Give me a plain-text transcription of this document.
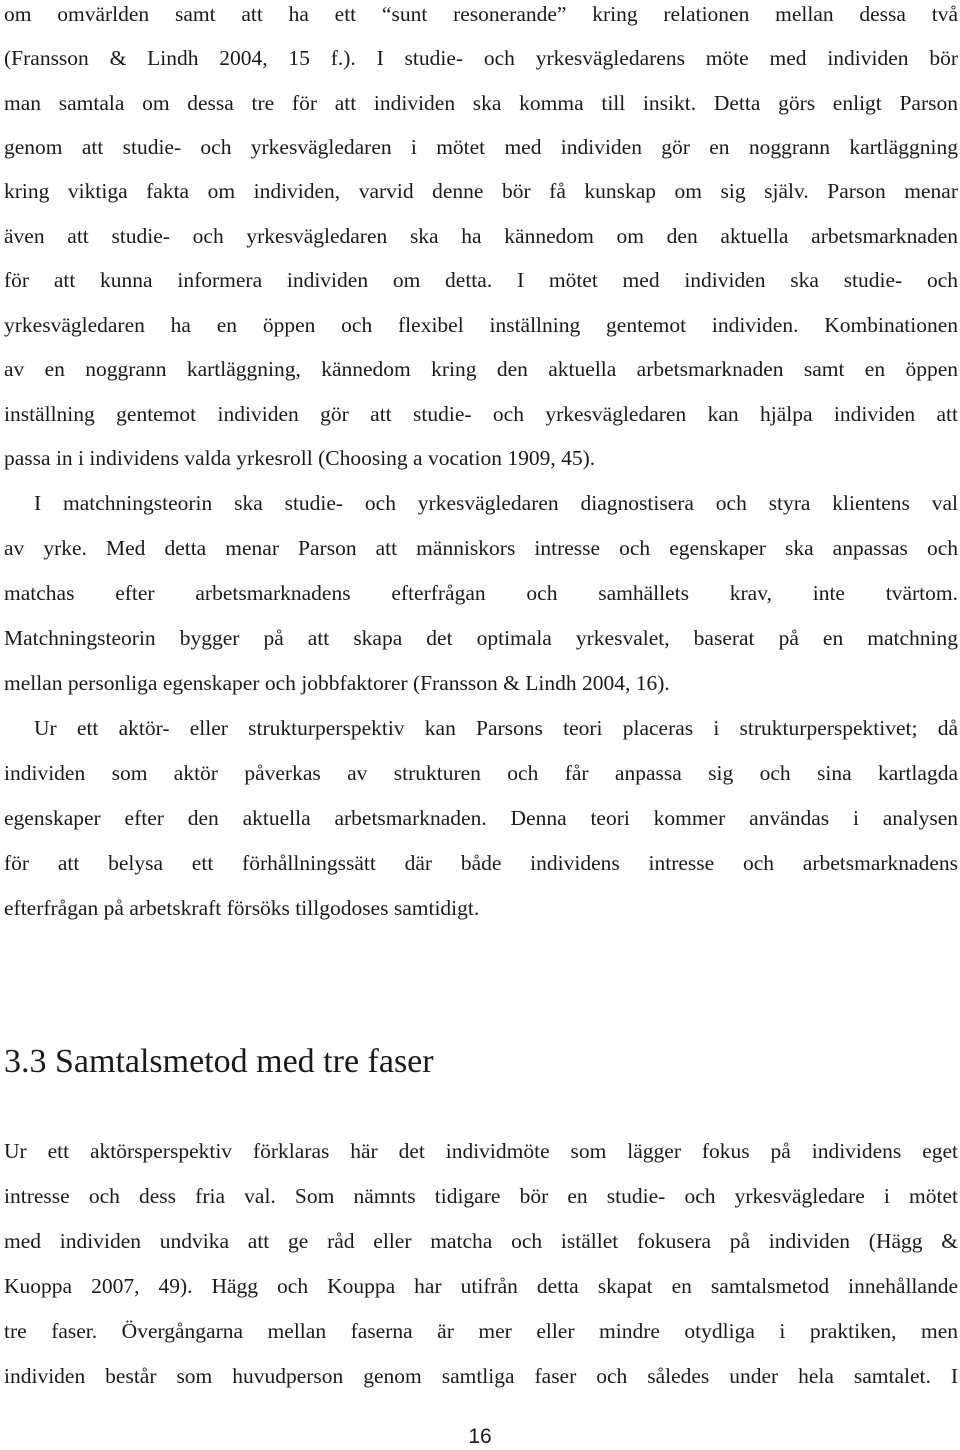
om omvärlden samt att ha ett “sunt resonerande” kring relationen mellan dessa två
(Fransson & Lindh 2004, 15 f.). I studie- och yrkesvägledarens möte med individen bör
man samtala om dessa tre för att individen ska komma till insikt. Detta görs enligt Parson
genom att studie- och yrkesvägledaren i mötet med individen gör en noggrann kartläggning
kring viktiga fakta om individen, varvid denne bör få kunskap om sig själv. Parson menar
även att studie- och yrkesvägledaren ska ha kännedom om den aktuella arbetsmarknaden
för att kunna informera individen om detta. I mötet med individen ska studie- och
yrkesvägledaren ha en öppen och flexibel inställning gentemot individen. Kombinationen
av en noggrann kartläggning, kännedom kring den aktuella arbetsmarknaden samt en öppen
inställning gentemot individen gör att studie- och yrkesvägledaren kan hjälpa individen att
passa in i individens valda yrkesroll (Choosing a vocation 1909, 45).
I matchningsteorin ska studie- och yrkesvägledaren diagnostisera och styra klientens val
av yrke. Med detta menar Parson att människors intresse och egenskaper ska anpassas och
matchas efter arbetsmarknadens efterfrågan och samhällets krav, inte tvärtom.
Matchningsteorin bygger på att skapa det optimala yrkesvalet, baserat på en matchning
mellan personliga egenskaper och jobbfaktorer (Fransson & Lindh 2004, 16).
Ur ett aktör- eller strukturperspektiv kan Parsons teori placeras i strukturperspektivet; då
individen som aktör påverkas av strukturen och får anpassa sig och sina kartlagda
egenskaper efter den aktuella arbetsmarknaden. Denna teori kommer användas i analysen
för att belysa ett förhållningssätt där både individens intresse och arbetsmarknadens
efterfrågan på arbetskraft försöks tillgodoses samtidigt.
3.3 Samtalsmetod med tre faser
Ur ett aktörsperspektiv förklaras här det individmöte som lägger fokus på individens eget
intresse och dess fria val. Som nämnts tidigare bör en studie- och yrkesvägledare i mötet
med individen undvika att ge råd eller matcha och istället fokusera på individen (Hägg &
Kuoppa 2007, 49). Hägg och Kouppa har utifrån detta skapat en samtalsmetod innehållande
tre faser. Övergångarna mellan faserna är mer eller mindre otydliga i praktiken, men
individen består som huvudperson genom samtliga faser och således under hela samtalet. I
16
